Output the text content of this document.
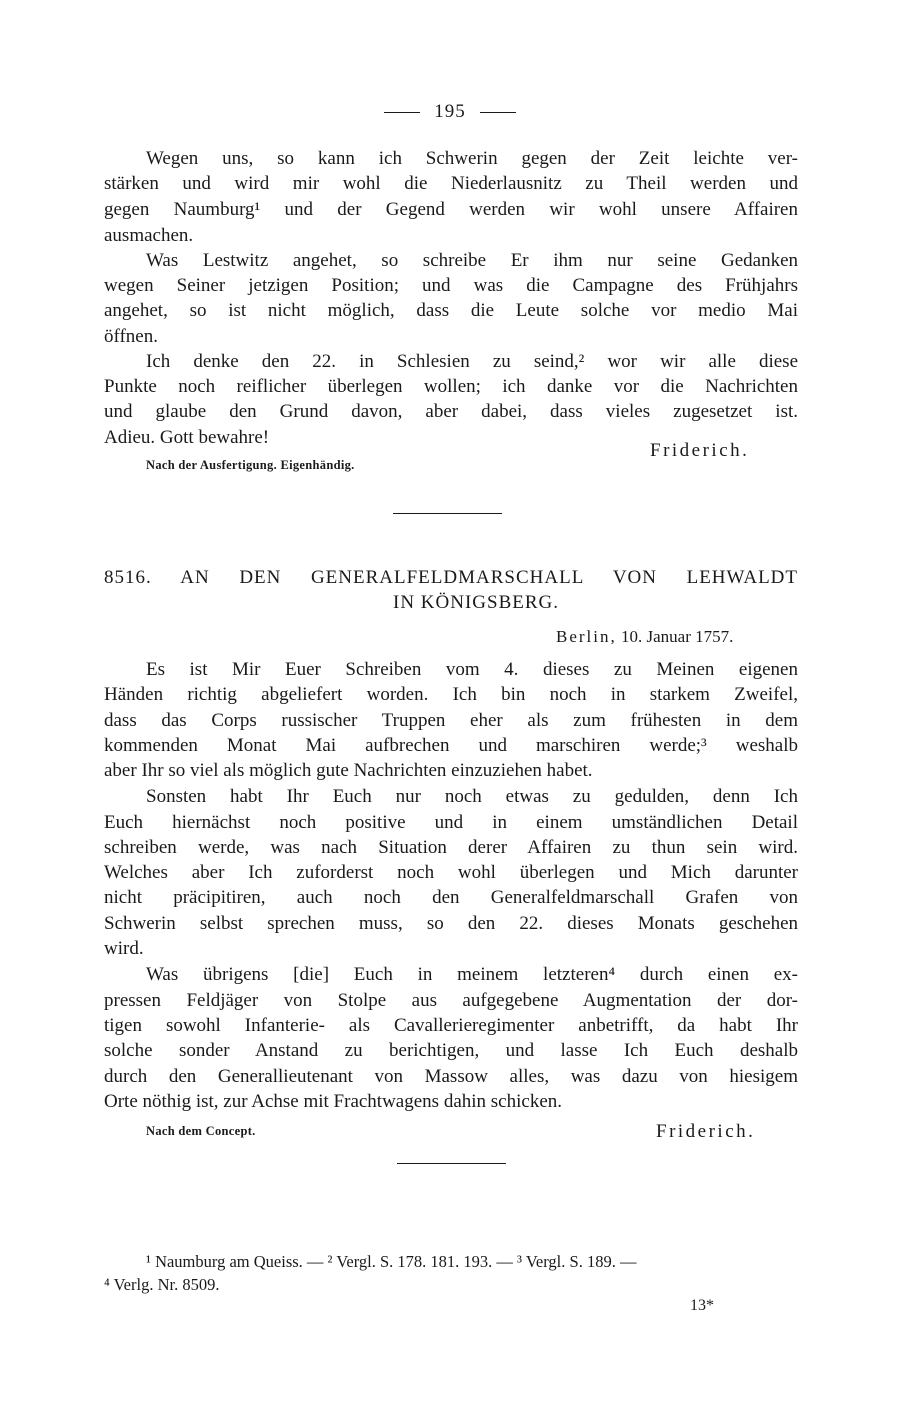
195
Wegen uns, so kann ich Schwerin gegen der Zeit leichte ver-
stärken und wird mir wohl die Niederlausnitz zu Theil werden und
gegen Naumburg¹ und der Gegend werden wir wohl unsere Affairen
ausmachen.
Was Lestwitz angehet, so schreibe Er ihm nur seine Gedanken
wegen Seiner jetzigen Position; und was die Campagne des Frühjahrs
angehet, so ist nicht möglich, dass die Leute solche vor medio Mai
öffnen.
Ich denke den 22. in Schlesien zu seind,² wor wir alle diese
Punkte noch reiflicher überlegen wollen; ich danke vor die Nachrichten
und glaube den Grund davon, aber dabei, dass vieles zugesetzet ist.
Adieu. Gott bewahre!
Friderich.
Nach der Ausfertigung. Eigenhändig.
8516. AN DEN GENERALFELDMARSCHALL VON LEHWALDT
IN KÖNIGSBERG.
Berlin, 10. Januar 1757.
Es ist Mir Euer Schreiben vom 4. dieses zu Meinen eigenen
Händen richtig abgeliefert worden. Ich bin noch in starkem Zweifel,
dass das Corps russischer Truppen eher als zum frühesten in dem
kommenden Monat Mai aufbrechen und marschiren werde;³ weshalb
aber Ihr so viel als möglich gute Nachrichten einzuziehen habet.
Sonsten habt Ihr Euch nur noch etwas zu gedulden, denn Ich
Euch hiernächst noch positive und in einem umständlichen Detail
schreiben werde, was nach Situation derer Affairen zu thun sein wird.
Welches aber Ich zuforderst noch wohl überlegen und Mich darunter
nicht präcipitiren, auch noch den Generalfeldmarschall Grafen von
Schwerin selbst sprechen muss, so den 22. dieses Monats geschehen
wird.
Was übrigens [die] Euch in meinem letzteren⁴ durch einen ex-
pressen Feldjäger von Stolpe aus aufgegebene Augmentation der dor-
tigen sowohl Infanterie- als Cavallerieregimenter anbetrifft, da habt Ihr
solche sonder Anstand zu berichtigen, und lasse Ich Euch deshalb
durch den Generallieutenant von Massow alles, was dazu von hiesigem
Orte nöthig ist, zur Achse mit Frachtwagens dahin schicken.
Nach dem Concept.	Friderich.
¹ Naumburg am Queiss. — ² Vergl. S. 178. 181. 193. — ³ Vergl. S. 189. —
⁴ Verlg. Nr. 8509.
13*
